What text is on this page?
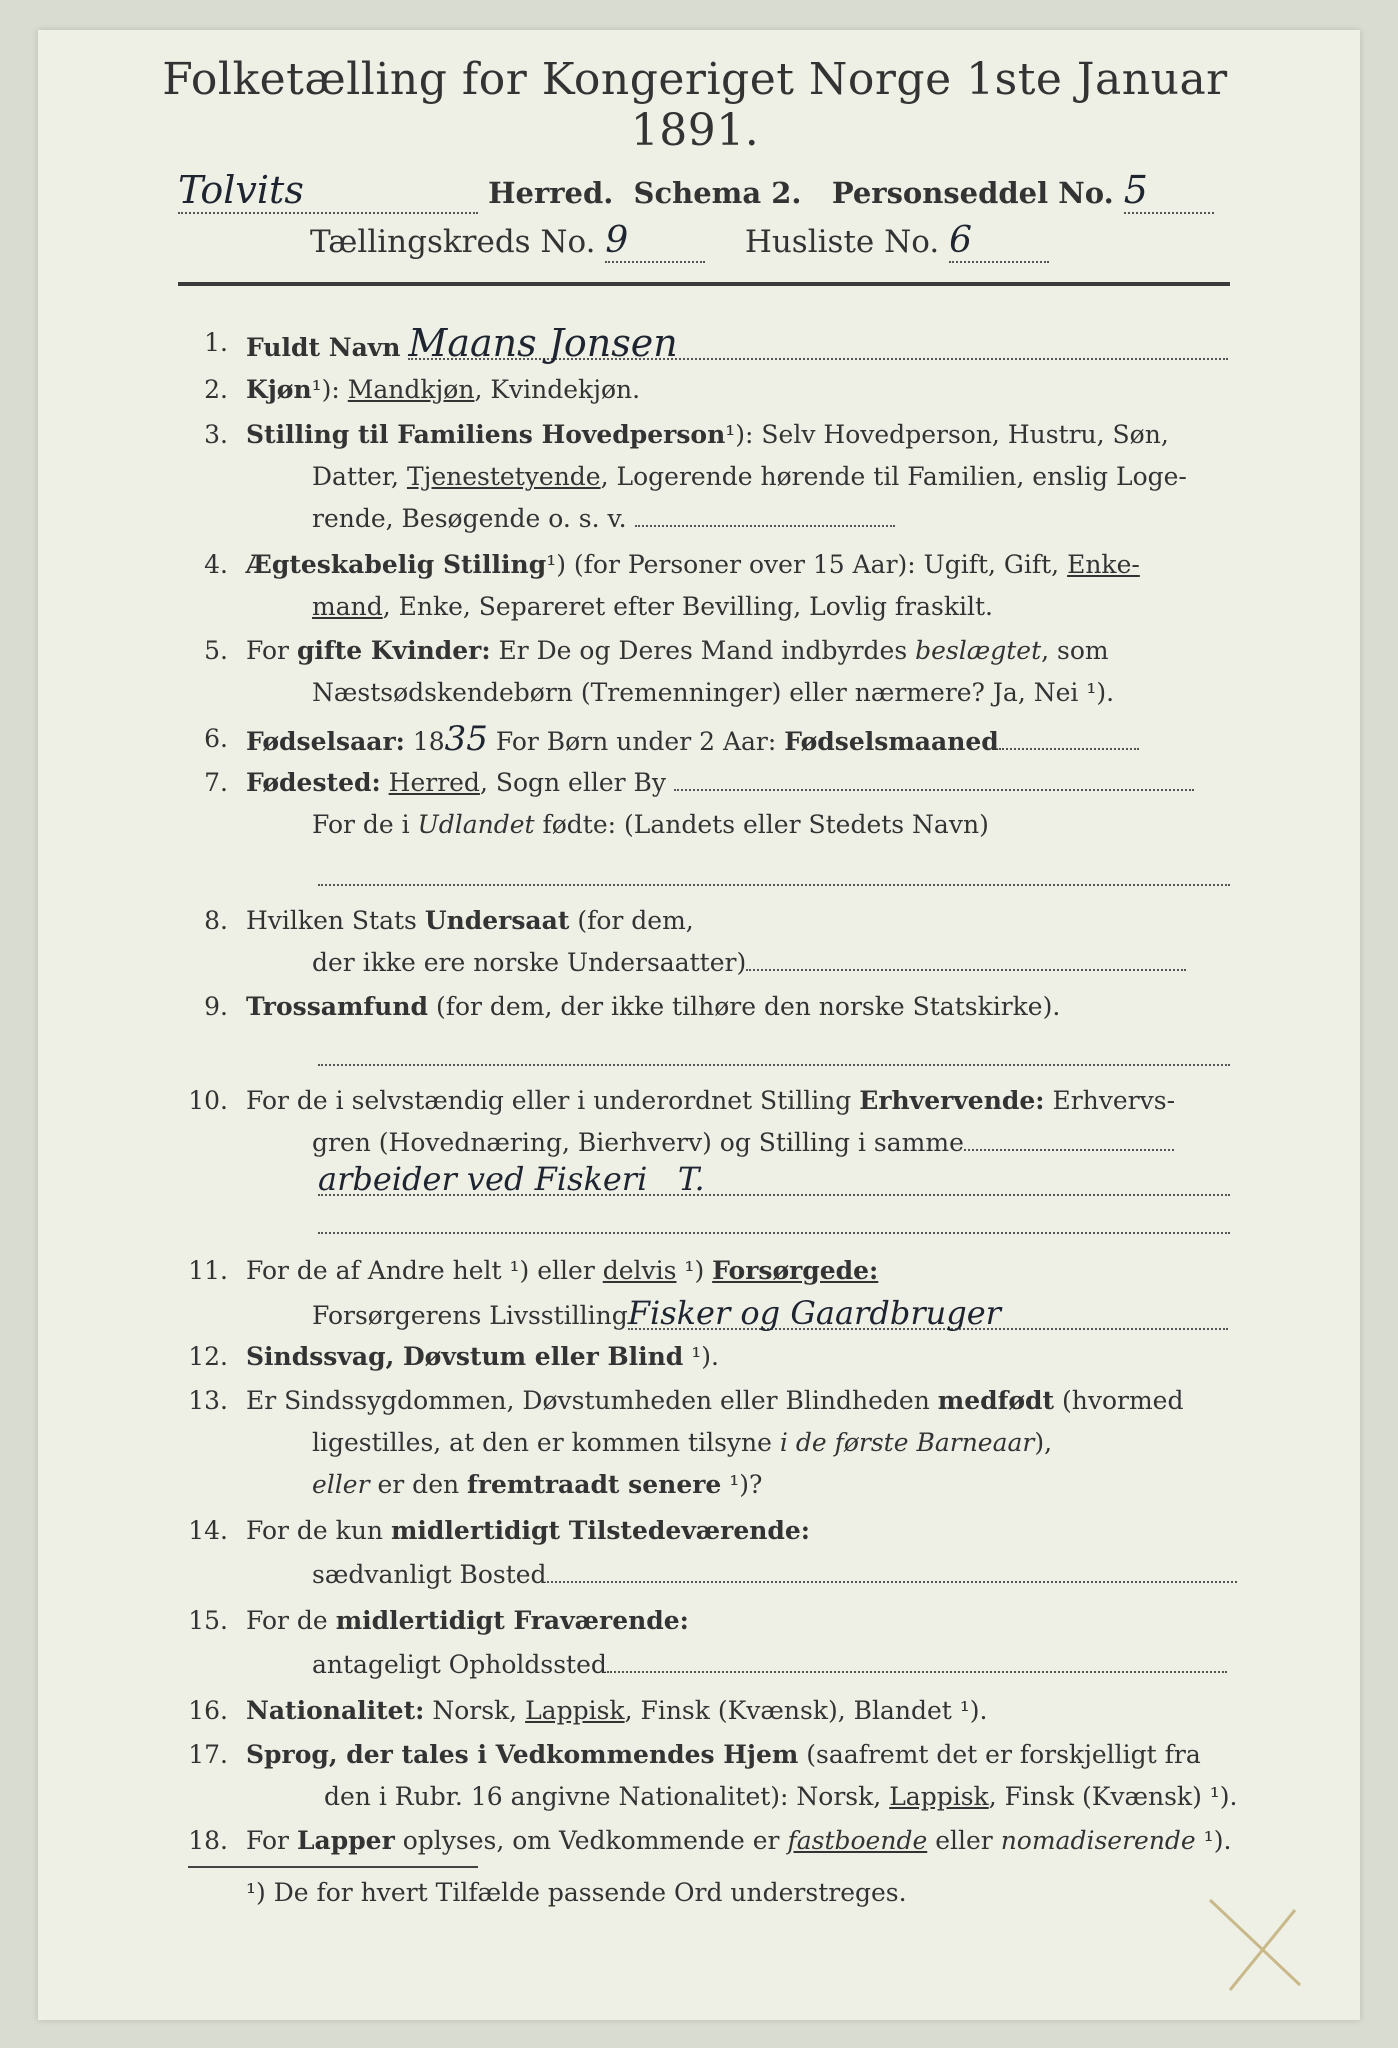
Folketælling for Kongeriget Norge 1ste Januar 1891.
Tolvits	Herred. Schema 2. Personseddel No. 5
Tællingskreds No. 9	Husliste No. 6
1. Fuldt Navn Maans Jonsen
2. Kjøn¹): Mandkjøn, Kvindekjøn.
3. Stilling til Familiens Hovedperson¹): Selv Hovedperson, Hustru, Søn,
Datter, Tjenestetyende, Logerende hørende til Familien, enslig Loge-
rende, Besøgende o. s. v.
4. Ægteskabelig Stilling¹) (for Personer over 15 Aar): Ugift, Gift, Enke-
mand, Enke, Separeret efter Bevilling, Lovlig fraskilt.
5. For gifte Kvinder: Er De og Deres Mand indbyrdes beslægtet, som
Næstsødskendebørn (Tremenninger) eller nærmere? Ja, Nei ¹).
6. Fødselsaar: 1835 For Børn under 2 Aar: Fødselsmaaned
7. Fødested: Herred, Sogn eller By
For de i Udlandet fødte: (Landets eller Stedets Navn)
8. Hvilken Stats Undersaat (for dem,
der ikke ere norske Undersaatter)
9. Trossamfund (for dem, der ikke tilhøre den norske Statskirke).
10. For de i selvstændig eller i underordnet Stilling Erhvervende: Erhvervs-
gren (Hovednæring, Bierhverv) og Stilling i samme
arbeider ved Fiskeri T.
11. For de af Andre helt ¹) eller delvis ¹) Forsørgede:
Forsørgerens LivsstillingFisker og Gaardbruger
12. Sindssvag, Døvstum eller Blind ¹).
13. Er Sindssygdommen, Døvstumheden eller Blindheden medfødt (hvormed
ligestilles, at den er kommen tilsyne i de første Barneaar),
eller er den fremtraadt senere ¹)?
14. For de kun midlertidigt Tilstedeværende:
sædvanligt Bosted
15. For de midlertidigt Fraværende:
antageligt Opholdssted
16. Nationalitet: Norsk, Lappisk, Finsk (Kvænsk), Blandet ¹).
17. Sprog, der tales i Vedkommendes Hjem (saafremt det er forskjelligt fra
den i Rubr. 16 angivne Nationalitet): Norsk, Lappisk, Finsk (Kvænsk) ¹).
18. For Lapper oplyses, om Vedkommende er fastboende eller nomadiserende ¹).
¹) De for hvert Tilfælde passende Ord understreges.
